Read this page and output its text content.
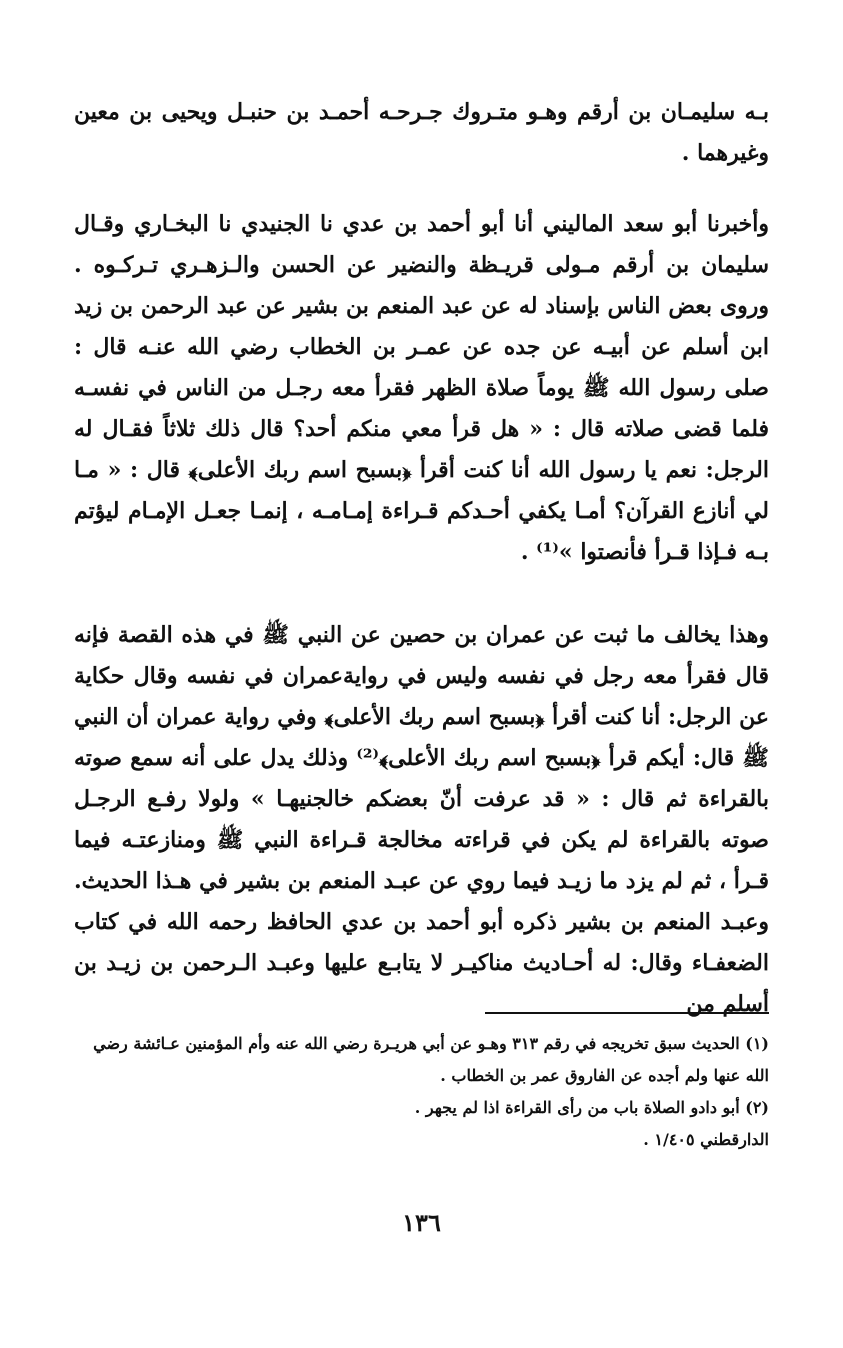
بـه سليمـان بن أرقم وهـو متـروك جـرحـه أحمـد بن حنبـل ويحيى بن معين وغيرهما .

وأخبرنا أبو سعد الماليني أنا أبو أحمد بن عدي نا الجنيدي نا البخـاري وقـال سليمان بن أرقم مـولى قريـظة والنضير عن الحسن والـزهـري تـركـوه . وروى بعض الناس بإسناد له عن عبد المنعم بن بشير عن عبد الرحمن بن زيد ابن أسلم عن أبيـه عن جده عن عمـر بن الخطاب رضي الله عنـه قال : صلى رسول الله ﷺ يوماً صلاة الظهر فقرأ معه رجـل من الناس في نفسـه فلما قضى صلاته قال : « هل قرأ معي منكم أحد؟ قال ذلك ثلاثاً فقـال له الرجل: نعم يا رسول الله أنا كنت أقرأ ﴿بسبح اسم ربك الأعلى﴾ قال : « مـا لي أنازع القرآن؟ أمـا يكفي أحـدكم قـراءة إمـامـه ، إنمـا جعـل الإمـام ليؤتم بـه فـإذا قـرأ فأنصتوا »⁽¹⁾ .

وهذا يخالف ما ثبت عن عمران بن حصين عن النبي ﷺ في هذه القصة فإنه قال فقرأ معه رجل في نفسه وليس في روايةعمران في نفسه وقال حكاية عن الرجل: أنا كنت أقرأ ﴿بسبح اسم ربك الأعلى﴾ وفي رواية عمران أن النبي ﷺ قال: أيكم قرأ ﴿بسبح اسم ربك الأعلى﴾⁽²⁾ وذلك يدل على أنه سمع صوته بالقراءة ثم قال : « قد عرفت أنّ بعضكم خالجنيهـا » ولولا رفـع الرجـل صوته بالقراءة لم يكن في قراءته مخالجة قـراءة النبي ﷺ ومنازعتـه فيما قـرأ ، ثم لم يزد ما زيـد فيما روي عن عبـد المنعم بن بشير في هـذا الحديث. وعبـد المنعم بن بشير ذكره أبو أحمد بن عدي الحافظ رحمه الله في كتاب الضعفـاء وقال: له أحـاديث مناكيـر لا يتابـع عليها وعبـد الـرحمن بن زيـد بن أسلم من

(١) الحديث سبق تخريجه في رقم ٣١٣ وهـو عن أبي هريـرة رضي الله عنه وأم المؤمنين عـائشة رضي الله عنها ولم أجده عن الفاروق عمر بن الخطاب .

(٢) أبو دادو الصلاة باب من رأى القراءة اذا لم يجهر .

الدارقطني ١/٤٠٥ .

١٣٦
